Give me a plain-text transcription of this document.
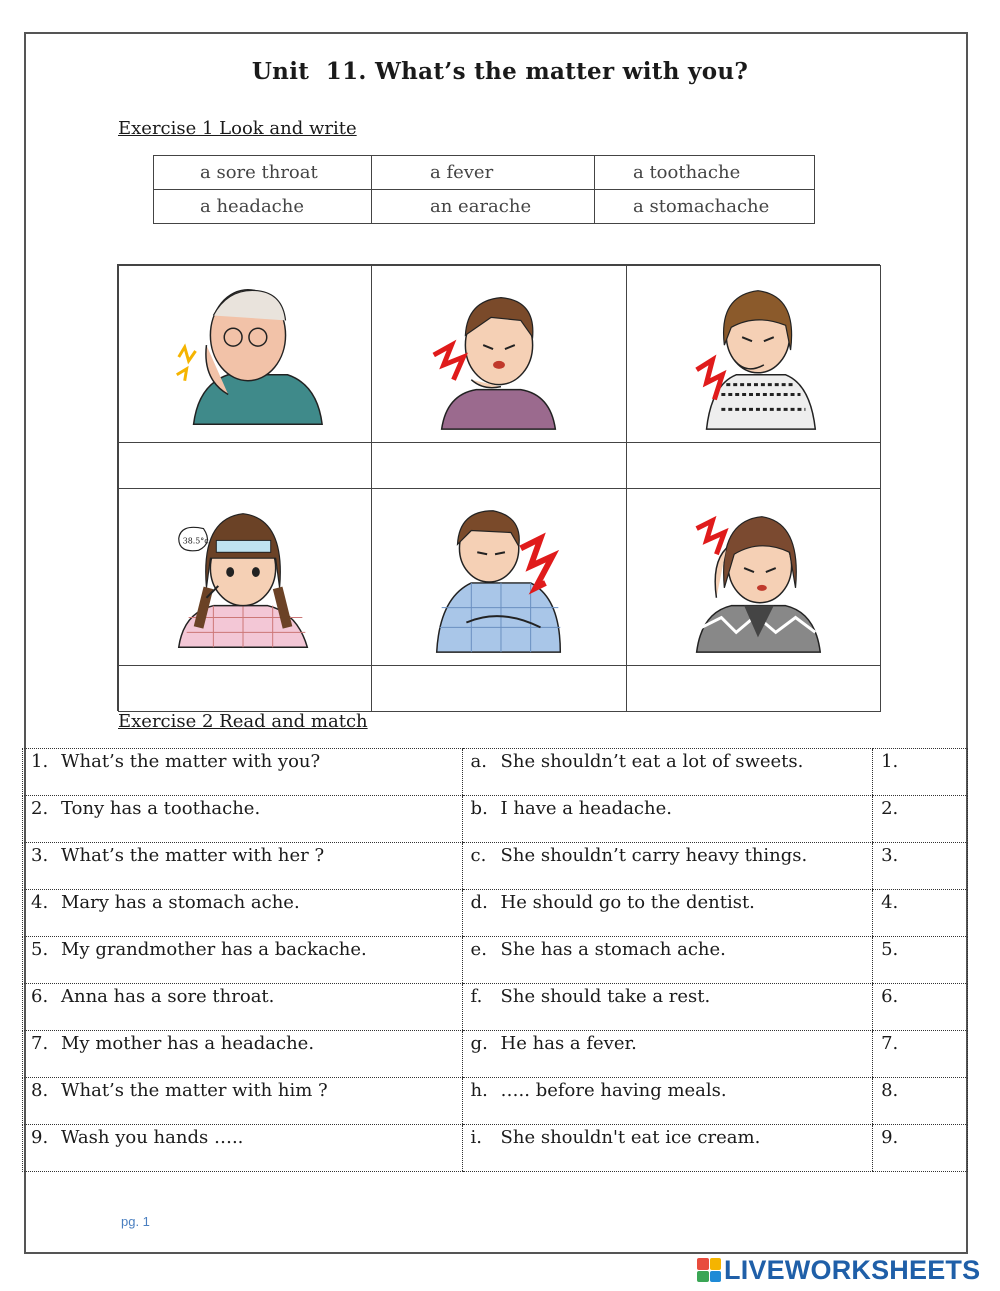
Unit  11. What’s the matter with you?
Exercise 1 Look and write
a sore throat	a fever	a toothache

a headache	an earache	a stomachache
38.5°c
Exercise 2 Read and match
1. What’s the matter with you?	a. She shouldn’t eat a lot of sweets.	1.
2. Tony has a toothache.	b. I have a headache.	2.
3. What’s the matter with her ?	c. She shouldn’t carry heavy things.	3.
4. Mary has a stomach ache.	d. He should go to the dentist.	4.
5. My grandmother has a backache.	e. She has a stomach ache.	5.
6. Anna has a sore throat.	f. She should take a rest.	6.
7. My mother has a headache.	g. He has a fever.	7.
8. What’s the matter with him ?	h. ….. before having meals.	8.
9. Wash you hands …..	i. She shouldn't eat ice cream.	9.
pg. 1
LIVEWORKSHEETS
